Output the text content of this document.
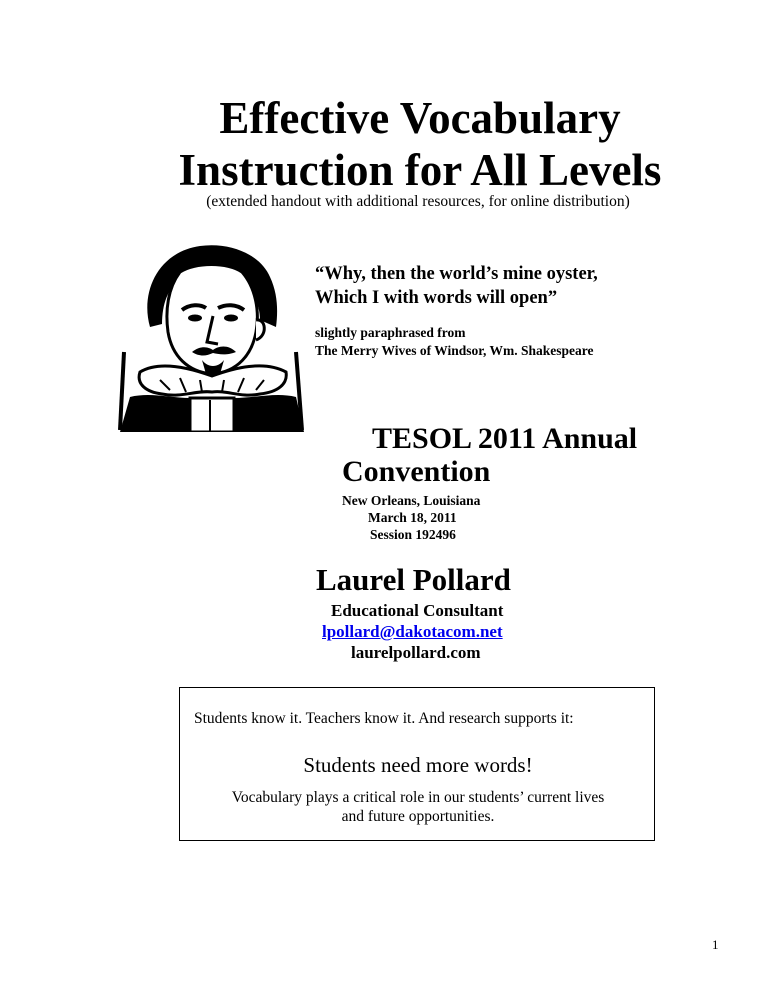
Effective Vocabulary
Instruction for All Levels
(extended handout with additional resources, for online distribution)
“Why, then the world’s mine oyster,
Which I with words will open”
slightly paraphrased from
The Merry Wives of Windsor, Wm. Shakespeare
TESOL 2011 Annual
Convention
New Orleans, Louisiana
March 18, 2011
Session 192496
Laurel Pollard
Educational Consultant
lpollard@dakotacom.net
laurelpollard.com
Students know it. Teachers know it. And research supports it:
Students need more words!
Vocabulary plays a critical role in our students’ current lives
and future opportunities.
1
